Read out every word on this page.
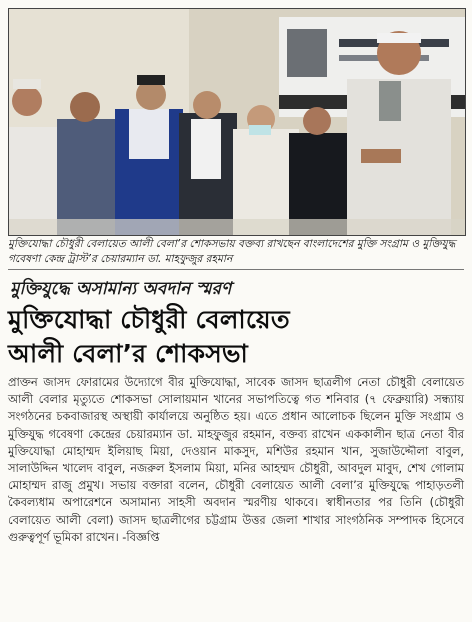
মুক্তিযোদ্ধা চৌধুরী বেলায়েত আলী বেলা’র শোকসভায় বক্তব্য রাখছেন বাংলাদেশের মুক্তি সংগ্রাম ও মুক্তিযুদ্ধ গবেষণা কেন্দ্র ট্রাস্ট’র চেয়ারম্যান ডা. মাহফুজুর রহমান
মুক্তিযুদ্ধে অসামান্য অবদান স্মরণ
মুক্তিযোদ্ধা চৌধুরী বেলায়েত
আলী বেলা’র শোকসভা
প্রাক্তন জাসদ ফোরামের উদ্যোগে বীর মুক্তিযোদ্ধা, সাবেক জাসদ ছাত্রলীগ নেতা চৌধুরী বেলায়েত আলী বেলার মৃত্যুতে শোকসভা সোলায়মান খানের সভাপতিত্বে গত শনিবার (৭ ফেব্রুয়ারি) সন্ধ্যায় সংগঠনের চকবাজারস্থ অস্থায়ী কার্যালয়ে অনুষ্ঠিত হয়। এতে প্রধান আলোচক ছিলেন মুক্তি সংগ্রাম ও মুক্তিযুদ্ধ গবেষণা কেন্দ্রের চেয়ারম্যান ডা. মাহফুজুর রহমান, বক্তব্য রাখেন এককালীন ছাত্র নেতা বীর মুক্তিযোদ্ধা মোহাম্মদ ইলিয়াছ মিয়া, দেওয়ান মাকসুদ, মশিউর রহমান খান, সুজাউদ্দৌলা বাবুল, সালাউদ্দিন খালেদ বাবুল, নজরুল ইসলাম মিয়া, মনির আহম্মদ চৌধুরী, আবদুল মাবুদ, শেখ গোলাম মোহাম্মদ রাজু প্রমুখ। সভায় বক্তারা বলেন, চৌধুরী বেলায়েত আলী বেলা’র মুক্তিযুদ্ধে পাহাড়তলী কৈবল্যধাম অপারেশনে অসামান্য সাহসী অবদান স্মরণীয় থাকবে। স্বাধীনতার পর তিনি (চৌধুরী বেলায়েত আলী বেলা) জাসদ ছাত্রলীগের চট্টগ্রাম উত্তর জেলা শাখার সাংগঠনিক সম্পাদক হিসেবে গুরুত্বপূর্ণ ভূমিকা রাখেন। -বিজ্ঞপ্তি
